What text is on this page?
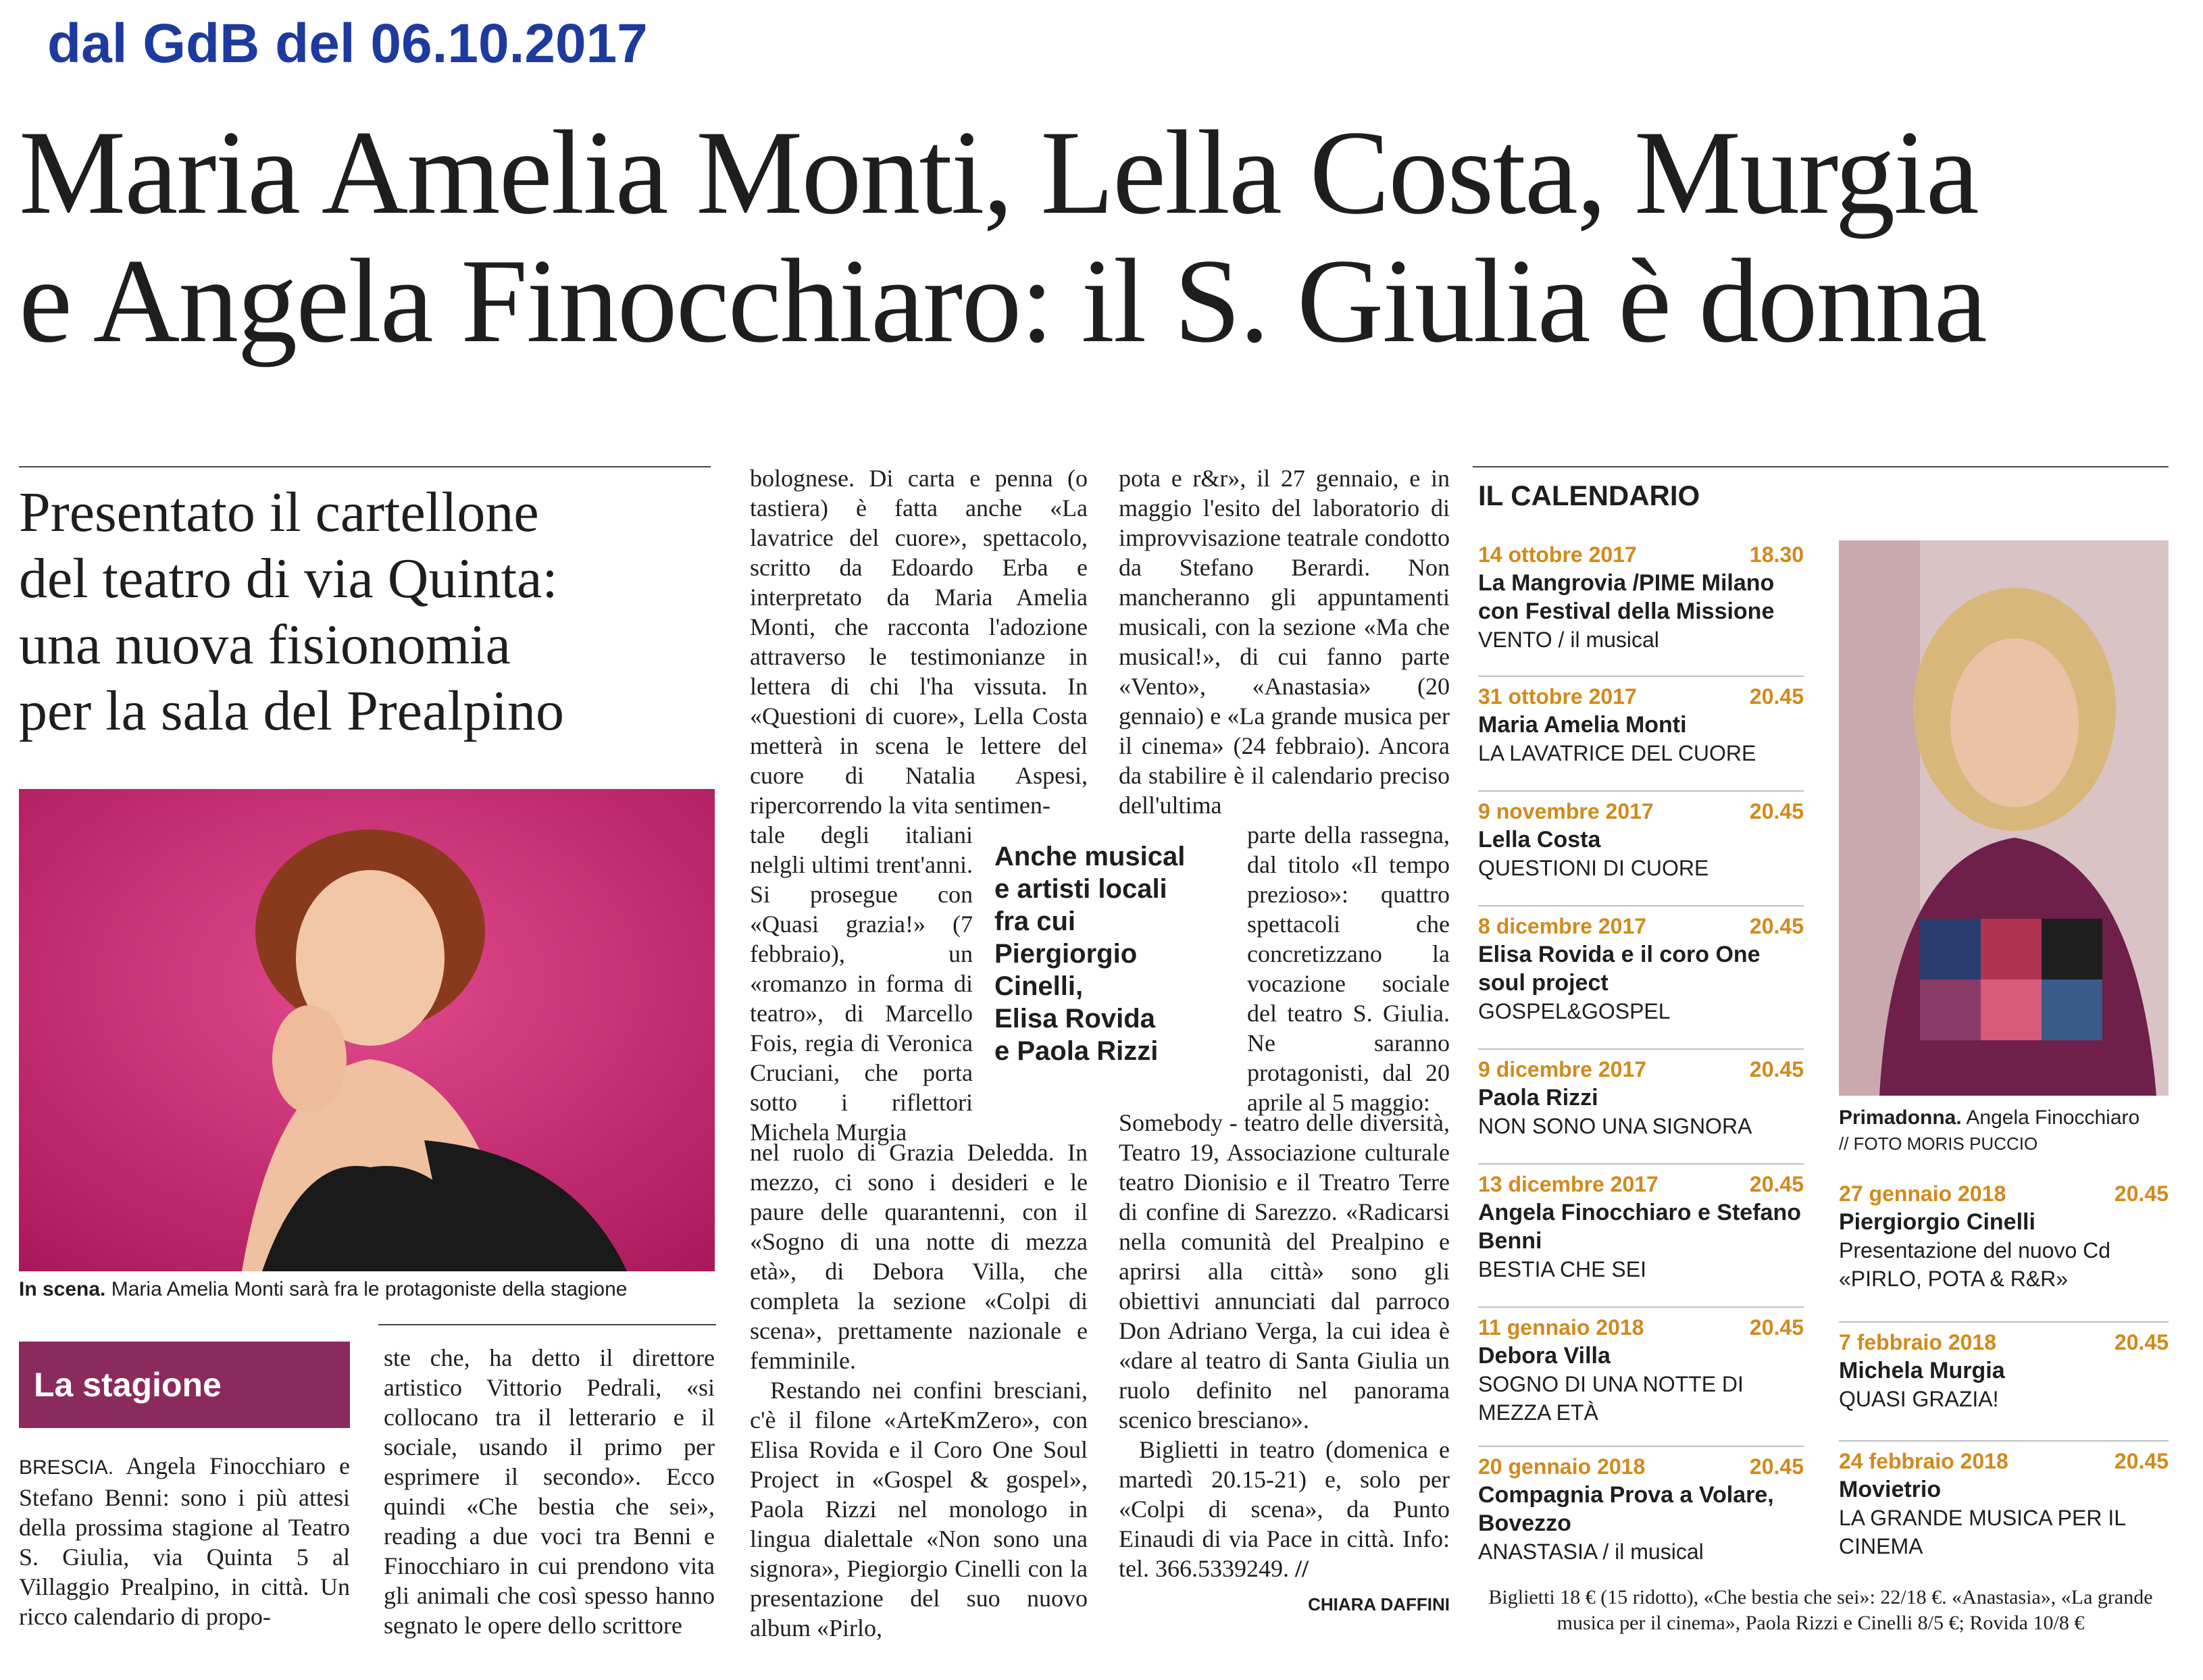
dal GdB del 06.10.2017
Maria Amelia Monti, Lella Costa, Murgia
e Angela Finocchiaro: il S. Giulia è donna
Presentato il cartellone
del teatro di via Quinta:
una nuova fisionomia
per la sala del Prealpino
In scena. Maria Amelia Monti sarà fra le protagoniste della stagione
La stagione

BRESCIA. Angela Finocchiaro e Stefano Benni: sono i più attesi della prossima stagione al Teatro S. Giulia, via Quinta 5 al Villaggio Prealpino, in città. Un ricco calendario di propo-

ste che, ha detto il direttore artistico Vittorio Pedrali, «si collocano tra il letterario e il sociale, usando il primo per esprimere il secondo». Ecco quindi «Che bestia che sei», reading a due voci tra Benni e Finocchiaro in cui prendono vita gli animali che così spesso hanno segnato le opere dello scrittore

bolognese. Di carta e penna (o tastiera) è fatta anche «La lavatrice del cuore», spettacolo, scritto da Edoardo Erba e interpretato da Maria Amelia Monti, che racconta l'adozione attraverso le testimonianze in lettera di chi l'ha vissuta. In «Questioni di cuore», Lella Costa metterà in scena le lettere del cuore di Natalia Aspesi, ripercorrendo la vita sentimen-

tale degli italiani nelgli ultimi trent'anni. Si prosegue con «Quasi grazia!» (7 febbraio), un «romanzo in forma di teatro», di Marcello Fois, regia di Veronica Cruciani, che porta sotto i riflettori Michela Murgia

nel ruolo di Grazia Deledda. In mezzo, ci sono i desideri e le paure delle quarantenni, con il «Sogno di una notte di mezza età», di Debora Villa, che completa la sezione «Colpi di scena», prettamente nazionale e femminile.

Restando nei confini bresciani, c'è il filone «ArteKmZero», con Elisa Rovida e il Coro One Soul Project in «Gospel & gospel», Paola Rizzi nel monologo in lingua dialettale «Non sono una signora», Piegiorgio Cinelli con la presentazione del suo nuovo album «Pirlo,

Anche musical
e artisti locali
fra cui
Piergiorgio
Cinelli,
Elisa Rovida
e Paola Rizzi

pota e r&r», il 27 gennaio, e in maggio l'esito del laboratorio di improvvisazione teatrale condotto da Stefano Berardi. Non mancheranno gli appuntamenti musicali, con la sezione «Ma che musical!», di cui fanno parte «Vento», «Anastasia» (20 gennaio) e «La grande musica per il cinema» (24 febbraio). Ancora da stabilire è il calendario preciso dell'ultima

parte della rassegna, dal titolo «Il tempo prezioso»: quattro spettacoli che concretizzano la vocazione sociale del teatro S. Giulia. Ne saranno protagonisti, dal 20 aprile al 5 maggio:

Somebody - teatro delle diversità, Teatro 19, Associazione culturale teatro Dionisio e il Treatro Terre di confine di Sarezzo. «Radicarsi nella comunità del Prealpino e aprirsi alla città» sono gli obiettivi annunciati dal parroco Don Adriano Verga, la cui idea è «dare al teatro di Santa Giulia un ruolo definito nel panorama scenico bresciano».

Biglietti in teatro (domenica e martedì 20.15-21) e, solo per «Colpi di scena», da Punto Einaudi di via Pace in città. Info: tel. 366.5339249. //

CHIARA DAFFINI
IL CALENDARIO
14 ottobre 2017	18.30
La Mangrovia /PIME Milano con Festival della Missione
VENTO / il musical
31 ottobre 2017	20.45
Maria Amelia Monti
LA LAVATRICE DEL CUORE
9 novembre 2017	20.45
Lella Costa
QUESTIONI DI CUORE
8 dicembre 2017	20.45
Elisa Rovida e il coro One soul project
GOSPEL&GOSPEL
9 dicembre 2017	20.45
Paola Rizzi
NON SONO UNA SIGNORA
13 dicembre 2017	20.45
Angela Finocchiaro e Stefano Benni
BESTIA CHE SEI
11 gennaio 2018	20.45
Debora Villa
SOGNO DI UNA NOTTE DI MEZZA ETÀ
20 gennaio 2018	20.45
Compagnia Prova a Volare, Bovezzo
ANASTASIA / il musical
Primadonna. Angela Finocchiaro
// FOTO MORIS PUCCIO
27 gennaio 2018	20.45
Piergiorgio Cinelli
Presentazione del nuovo Cd «PIRLO, POTA & R&R»
7 febbraio 2018	20.45
Michela Murgia
QUASI GRAZIA!
24 febbraio 2018	20.45
Movietrio
LA GRANDE MUSICA PER IL CINEMA
Biglietti 18 € (15 ridotto), «Che bestia che sei»: 22/18 €. «Anastasia», «La grande musica per il cinema», Paola Rizzi e Cinelli 8/5 €; Rovida 10/8 €
